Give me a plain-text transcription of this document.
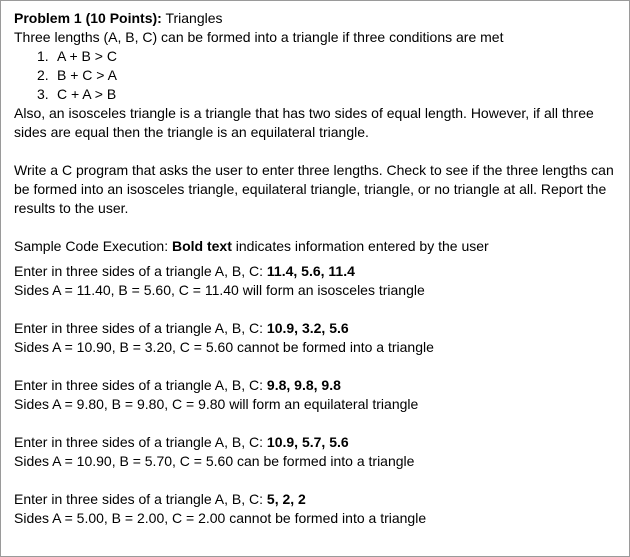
Problem 1 (10 Points): Triangles
Three lengths (A, B, C) can be formed into a triangle if three conditions are met
1. A + B > C
2. B + C > A
3. C + A > B
Also, an isosceles triangle is a triangle that has two sides of equal length. However, if all three sides are equal then the triangle is an equilateral triangle.
Write a C program that asks the user to enter three lengths. Check to see if the three lengths can be formed into an isosceles triangle, equilateral triangle, triangle, or no triangle at all. Report the results to the user.
Sample Code Execution: Bold text indicates information entered by the user
Enter in three sides of a triangle A, B, C: 11.4, 5.6, 11.4
Sides A = 11.40, B = 5.60, C = 11.40 will form an isosceles triangle
Enter in three sides of a triangle A, B, C: 10.9, 3.2, 5.6
Sides A = 10.90, B = 3.20, C = 5.60 cannot be formed into a triangle
Enter in three sides of a triangle A, B, C: 9.8, 9.8, 9.8
Sides A = 9.80, B = 9.80, C = 9.80 will form an equilateral triangle
Enter in three sides of a triangle A, B, C: 10.9, 5.7, 5.6
Sides A = 10.90, B = 5.70, C = 5.60 can be formed into a triangle
Enter in three sides of a triangle A, B, C: 5, 2, 2
Sides A = 5.00, B = 2.00, C = 2.00 cannot be formed into a triangle
